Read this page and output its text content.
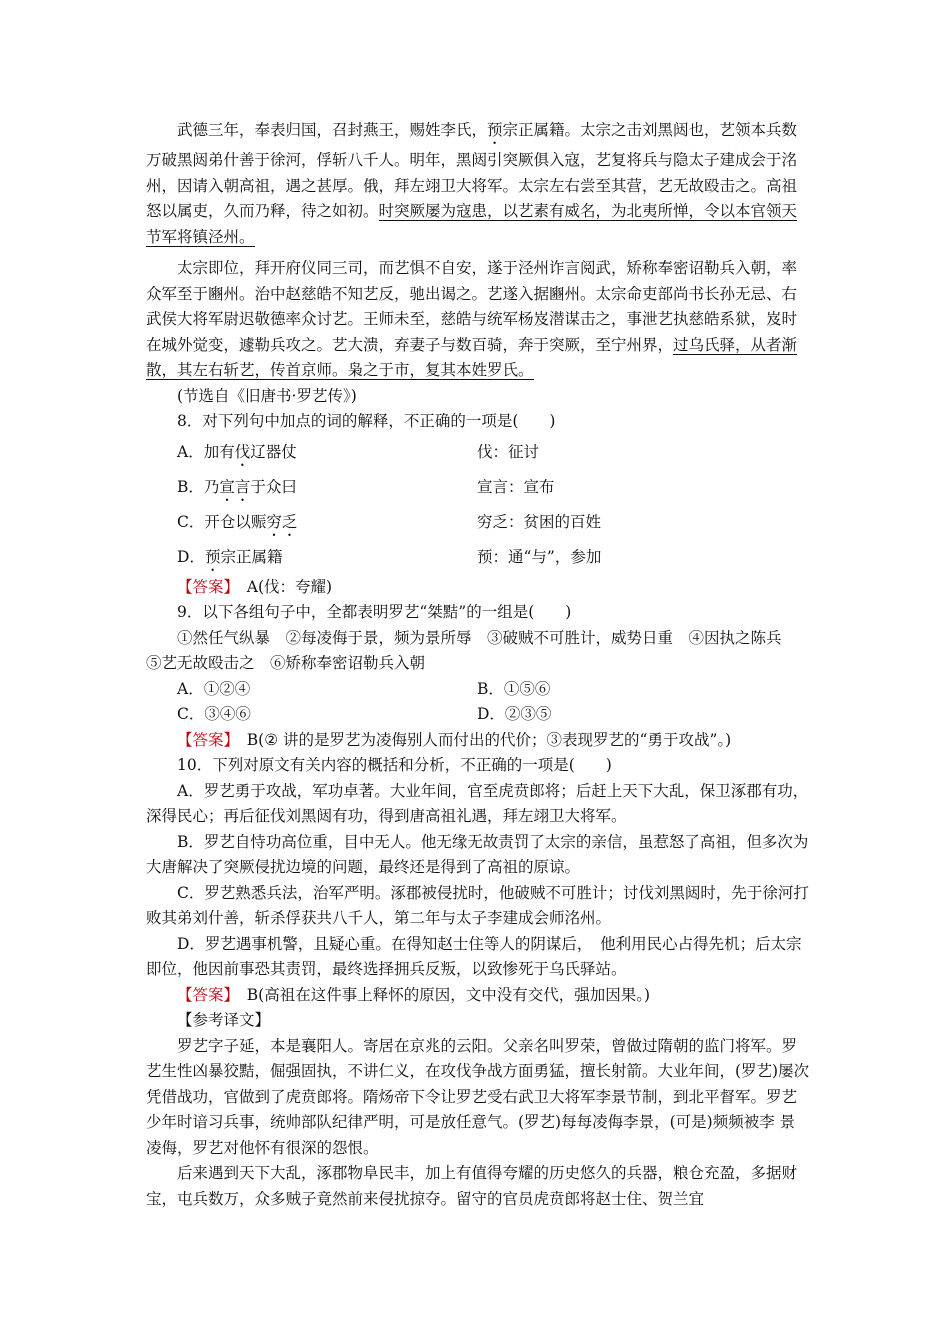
武德三年，奉表归国，召封燕王，赐姓李氏，预宗正属籍。太宗之击刘黑闼也，艺领本兵数万破黑闼弟什善于徐河，俘斩八千人。明年，黑闼引突厥俱入寇，艺复将兵与隐太子建成会于洺州，因请入朝高祖，遇之甚厚。俄，拜左翊卫大将军。太宗左右尝至其营，艺无故殴击之。高祖怒以属吏，久而乃释，待之如初。时突厥屡为寇患，以艺素有威名，为北夷所惮，令以本官领天节军将镇泾州。

太宗即位，拜开府仪同三司，而艺惧不自安，遂于泾州诈言阅武，矫称奉密诏勒兵入朝，率众军至于豳州。治中赵慈皓不知艺反，驰出谒之。艺遂入据豳州。太宗命吏部尚书长孙无忌、右武侯大将军尉迟敬德率众讨艺。王师未至，慈皓与统军杨岌潜谋击之，事泄艺执慈皓系狱，岌时在城外觉变，遽勒兵攻之。艺大溃，弃妻子与数百骑，奔于突厥，至宁州界，过乌氏驿，从者渐散，其左右斩艺，传首京师。枭之于市，复其本姓罗氏。

(节选自《旧唐书·罗艺传》)

8．对下列句中加点的词的解释，不正确的一项是(　　)

A．加有伐辽器仗	伐：征讨
B．乃宣言于众曰	宣言：宣布
C．开仓以赈穷乏	穷乏：贫困的百姓
D．预宗正属籍	预：通“与”，参加

【答案】　A(伐：夸耀)

9．以下各组句子中，全都表明罗艺“桀黠”的一组是(　　)

①然任气纵暴　②每凌侮于景，频为景所辱　③破贼不可胜计，威势日重　④因执之陈兵　⑤艺无故殴击之　⑥矫称奉密诏勒兵入朝

A．①②④	B．①⑤⑥
C．③④⑥	D．②③⑤

【答案】　B(② 讲的是罗艺为凌侮别人而付出的代价；③表现罗艺的“勇于攻战”。)

10．下列对原文有关内容的概括和分析，不正确的一项是(　　)

A．罗艺勇于攻战，军功卓著。大业年间，官至虎贲郎将；后赶上天下大乱，保卫涿郡有功，深得民心；再后征伐刘黑闼有功，得到唐高祖礼遇，拜左翊卫大将军。

B．罗艺自恃功高位重，目中无人。他无缘无故责罚了太宗的亲信，虽惹怒了高祖，但多次为大唐解决了突厥侵扰边境的问题，最终还是得到了高祖的原谅。

C．罗艺熟悉兵法，治军严明。涿郡被侵扰时，他破贼不可胜计；讨伐刘黑闼时，先于徐河打败其弟刘什善，斩杀俘获共八千人，第二年与太子李建成会师洺州。

D．罗艺遇事机警，且疑心重。在得知赵士住等人的阴谋后，　他利用民心占得先机；后太宗即位，他因前事恐其责罚，最终选择拥兵反叛，以致惨死于乌氏驿站。

【答案】　B(高祖在这件事上释怀的原因，文中没有交代，强加因果。)

【参考译文】

罗艺字子延，本是襄阳人。寄居在京兆的云阳。父亲名叫罗荣，曾做过隋朝的监门将军。罗艺生性凶暴狡黠，倔强固执，不讲仁义，在攻伐争战方面勇猛，擅长射箭。大业年间，(罗艺)屡次凭借战功，官做到了虎贲郎将。隋炀帝下令让罗艺受右武卫大将军李景节制，到北平督军。罗艺少年时谙习兵事，统帅部队纪律严明，可是放任意气。(罗艺)每每凌侮李景，(可是)频频被李 景凌侮，罗艺对他怀有很深的怨恨。

后来遇到天下大乱，涿郡物阜民丰，加上有值得夸耀的历史悠久的兵器，粮仓充盈，多据财宝，屯兵数万，众多贼子竟然前来侵扰掠夺。留守的官员虎贲郎将赵士住、贺兰宜
